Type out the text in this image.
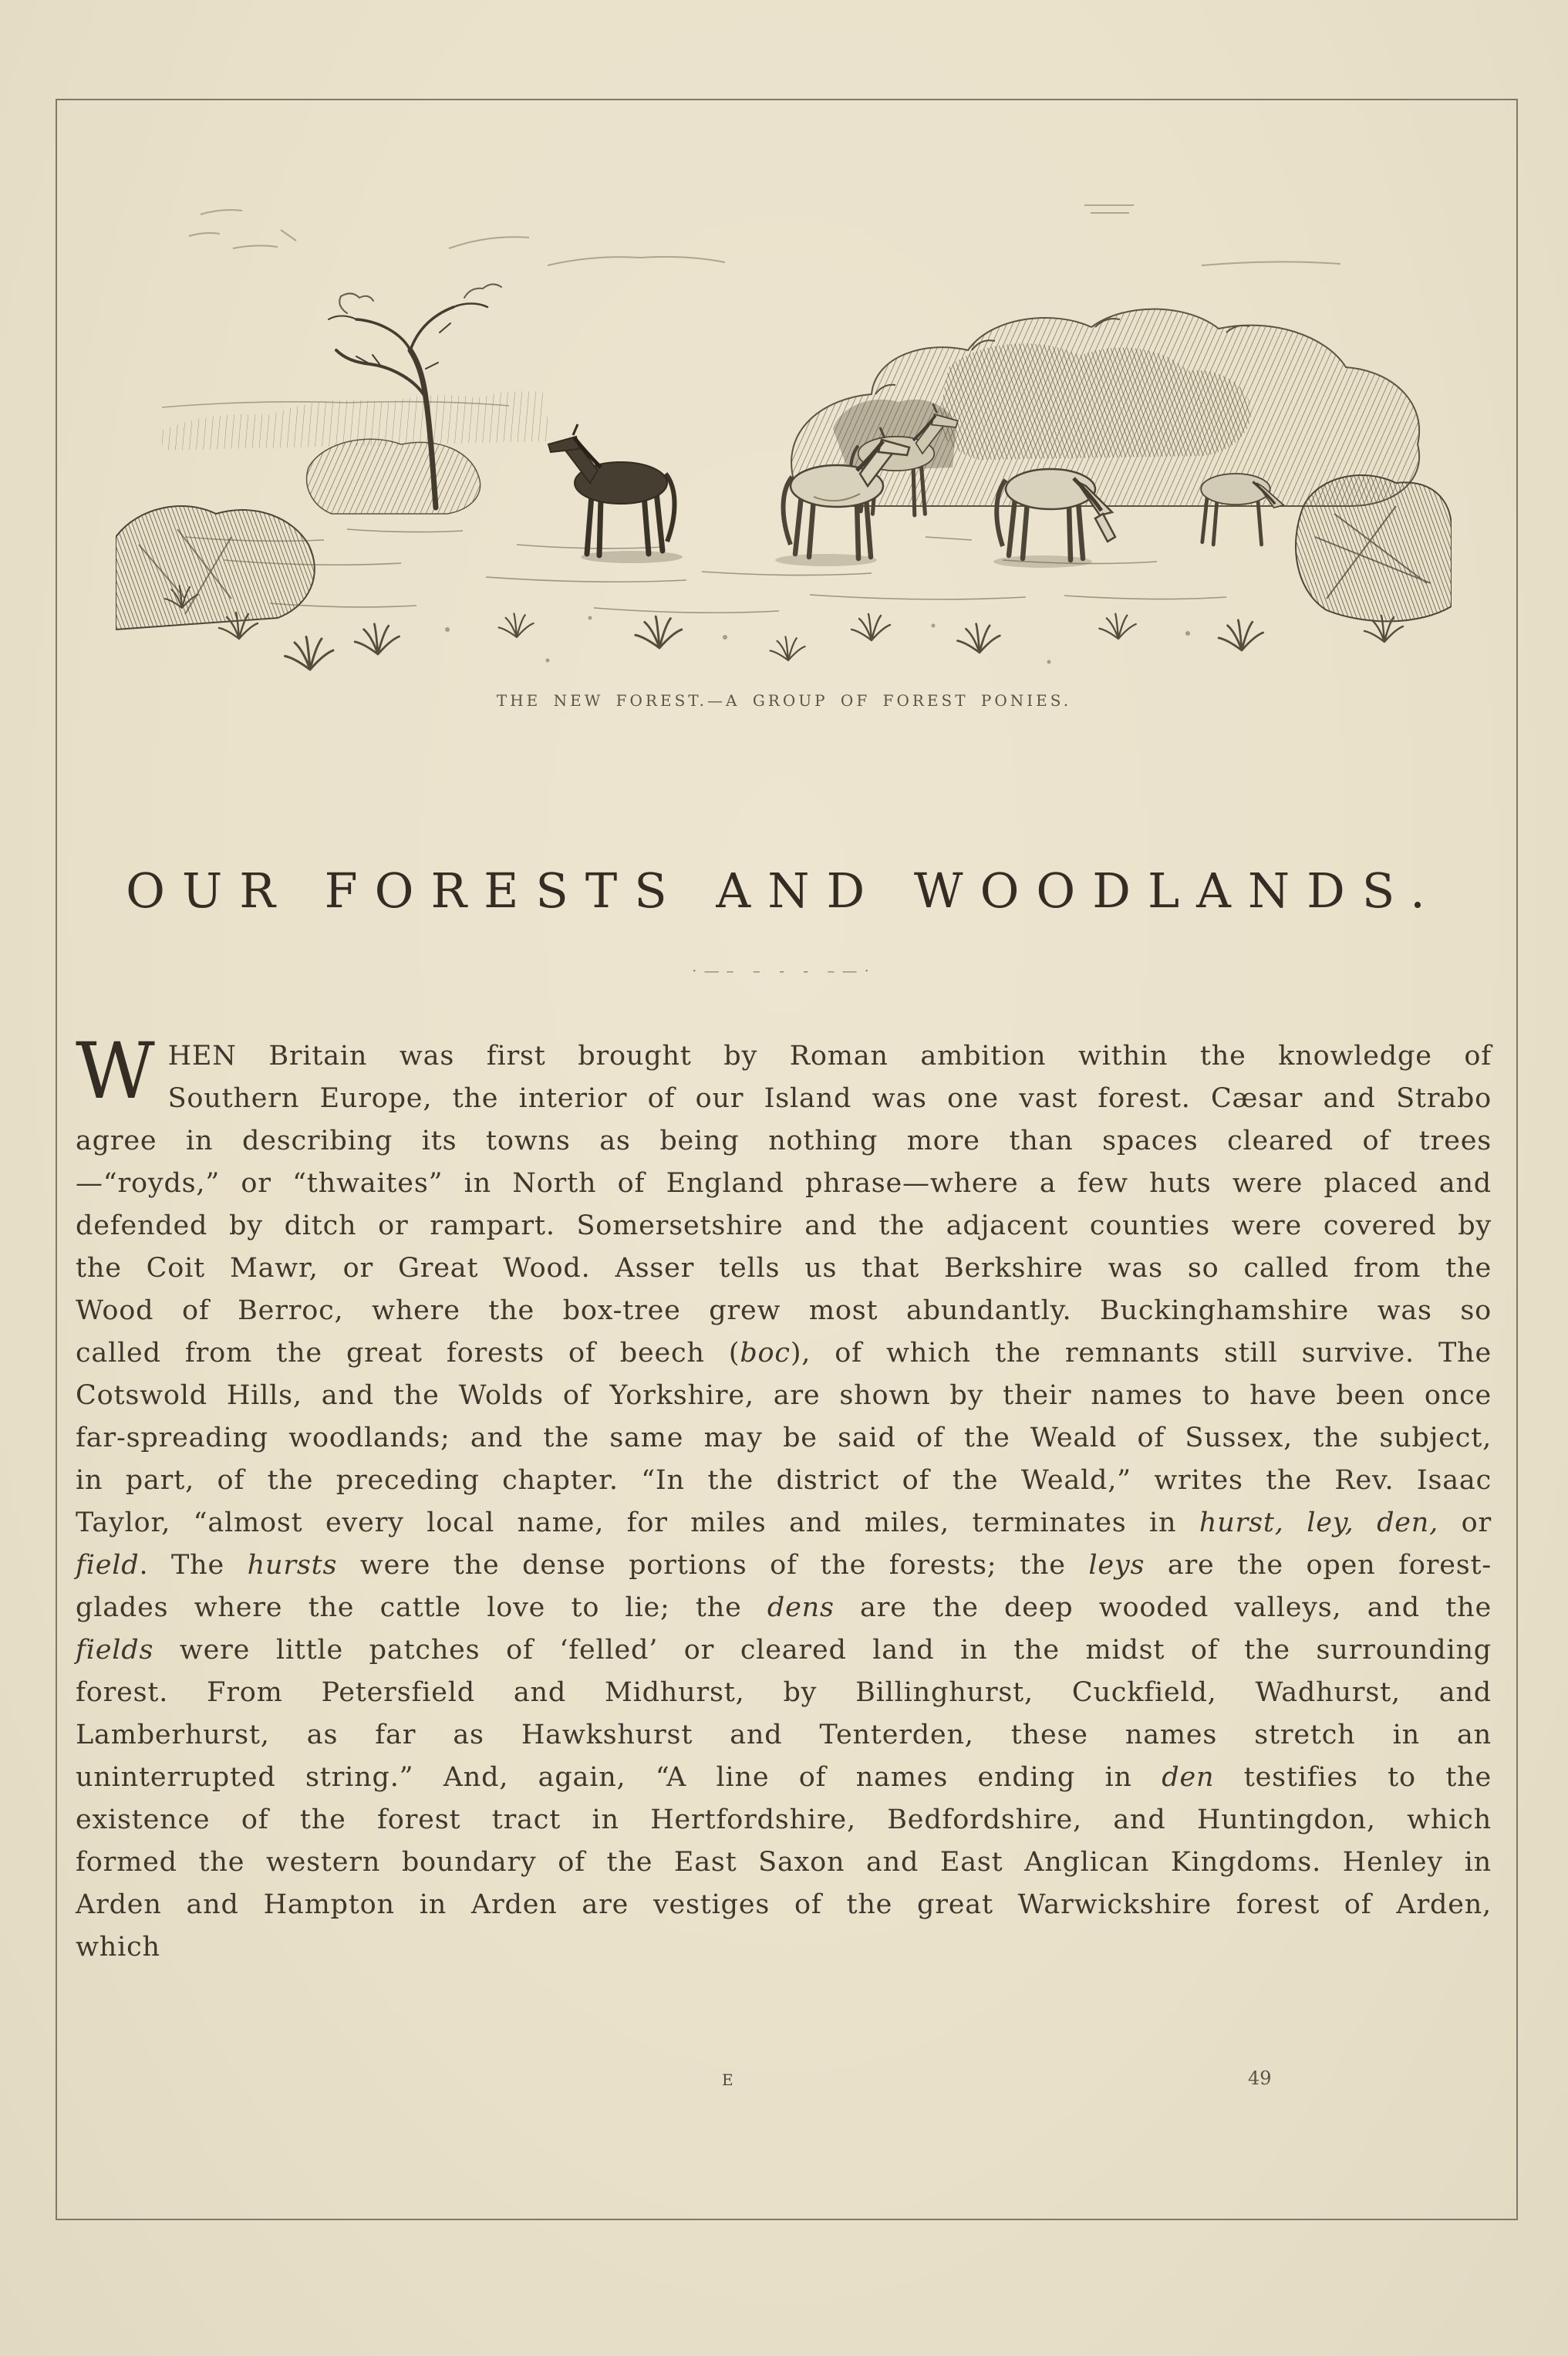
THE NEW FOREST.—A GROUP OF FOREST PONIES.
OUR FORESTS AND WOODLANDS.
·—– – - - –—·

WHEN Britain was first brought by Roman ambition within the knowledge of Southern Europe, the interior of our Island was one vast forest. Cæsar and Strabo agree in describing its towns as being nothing more than spaces cleared of trees—“royds,” or “thwaites” in North of England phrase—where a few huts were placed and defended by ditch or rampart. Somersetshire and the adjacent counties were covered by the Coit Mawr, or Great Wood. Asser tells us that Berkshire was so called from the Wood of Berroc, where the box-tree grew most abundantly. Buckinghamshire was so called from the great forests of beech (boc), of which the remnants still survive. The Cotswold Hills, and the Wolds of Yorkshire, are shown by their names to have been once far-spreading woodlands; and the same may be said of the Weald of Sussex, the subject, in part, of the preceding chapter. “In the district of the Weald,” writes the Rev. Isaac Taylor, “almost every local name, for miles and miles, terminates in hurst, ley, den, or field. The hursts were the dense portions of the forests; the leys are the open forest-glades where the cattle love to lie; the dens are the deep wooded valleys, and the fields were little patches of ‘felled’ or cleared land in the midst of the surrounding forest. From Petersfield and Midhurst, by Billinghurst, Cuckfield, Wadhurst, and Lamberhurst, as far as Hawkshurst and Tenterden, these names stretch in an uninterrupted string.” And, again, “A line of names ending in den testifies to the existence of the forest tract in Hertfordshire, Bedfordshire, and Huntingdon, which formed the western boundary of the East Saxon and East Anglican Kingdoms. Henley in Arden and Hampton in Arden are vestiges of the great Warwickshire forest of Arden, which

E	49
